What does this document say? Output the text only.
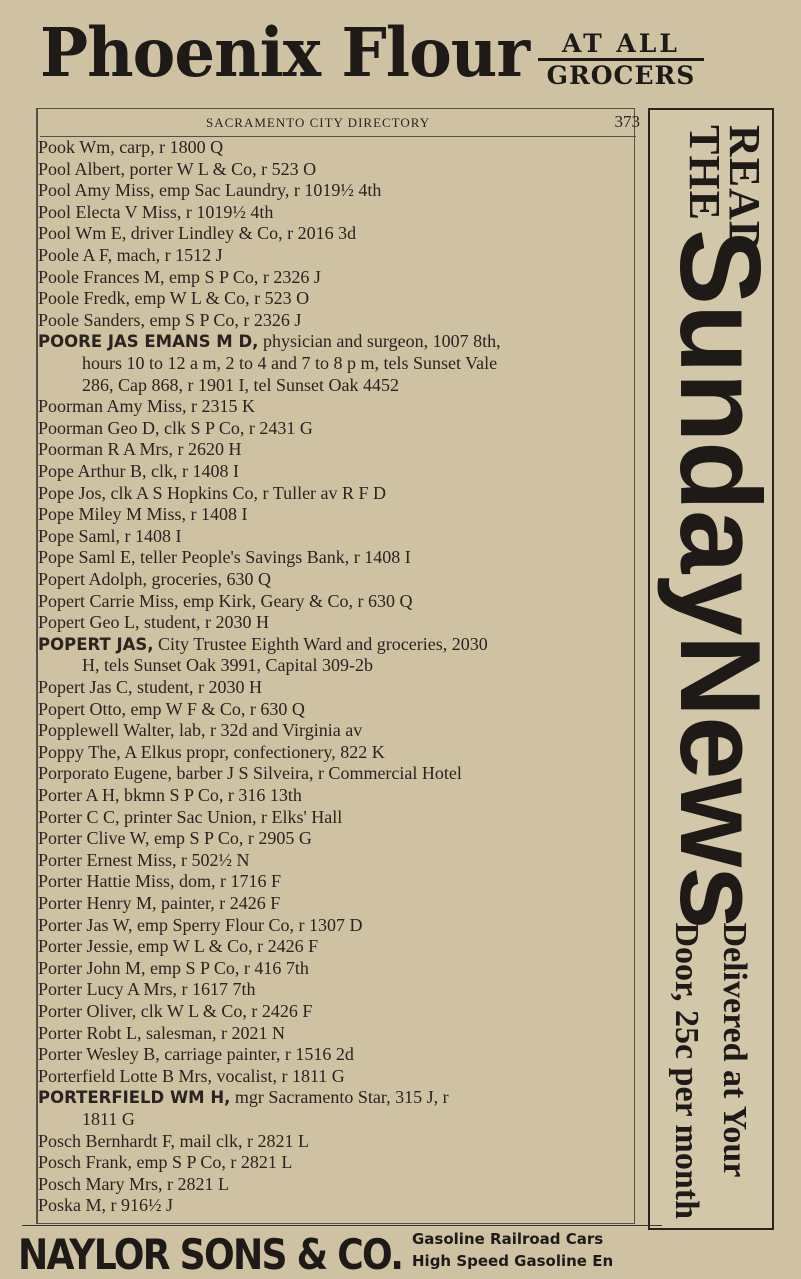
Phoenix Flour	AT ALL
GROCERS
SACRAMENTO CITY DIRECTORY	373
Pook Wm, carp, r 1800 Q
Pool Albert, porter W L & Co, r 523 O
Pool Amy Miss, emp Sac Laundry, r 1019½ 4th
Pool Electa V Miss, r 1019½ 4th
Pool Wm E, driver Lindley & Co, r 2016 3d
Poole A F, mach, r 1512 J
Poole Frances M, emp S P Co, r 2326 J
Poole Fredk, emp W L & Co, r 523 O
Poole Sanders, emp S P Co, r 2326 J
POORE JAS EMANS M D, physician and surgeon, 1007 8th,
hours 10 to 12 a m, 2 to 4 and 7 to 8 p m, tels Sunset Vale
286, Cap 868, r 1901 I, tel Sunset Oak 4452
Poorman Amy Miss, r 2315 K
Poorman Geo D, clk S P Co, r 2431 G
Poorman R A Mrs, r 2620 H
Pope Arthur B, clk, r 1408 I
Pope Jos, clk A S Hopkins Co, r Tuller av R F D
Pope Miley M Miss, r 1408 I
Pope Saml, r 1408 I
Pope Saml E, teller People's Savings Bank, r 1408 I
Popert Adolph, groceries, 630 Q
Popert Carrie Miss, emp Kirk, Geary & Co, r 630 Q
Popert Geo L, student, r 2030 H
POPERT JAS, City Trustee Eighth Ward and groceries, 2030
H, tels Sunset Oak 3991, Capital 309-2b
Popert Jas C, student, r 2030 H
Popert Otto, emp W F & Co, r 630 Q
Popplewell Walter, lab, r 32d and Virginia av
Poppy The, A Elkus propr, confectionery, 822 K
Porporato Eugene, barber J S Silveira, r Commercial Hotel
Porter A H, bkmn S P Co, r 316 13th
Porter C C, printer Sac Union, r Elks' Hall
Porter Clive W, emp S P Co, r 2905 G
Porter Ernest Miss, r 502½ N
Porter Hattie Miss, dom, r 1716 F
Porter Henry M, painter, r 2426 F
Porter Jas W, emp Sperry Flour Co, r 1307 D
Porter Jessie, emp W L & Co, r 2426 F
Porter John M, emp S P Co, r 416 7th
Porter Lucy A Mrs, r 1617 7th
Porter Oliver, clk W L & Co, r 2426 F
Porter Robt L, salesman, r 2021 N
Porter Wesley B, carriage painter, r 1516 2d
Porterfield Lotte B Mrs, vocalist, r 1811 G
PORTERFIELD WM H, mgr Sacramento Star, 315 J, r
1811 G
Posch Bernhardt F, mail clk, r 2821 L
Posch Frank, emp S P Co, r 2821 L
Posch Mary Mrs, r 2821 L
Poska M, r 916½ J
READ
THE
SundayNews
Delivered at Your
Door, 25c per month
NAYLOR SONS & CO. Gasoline Railroad Cars
High Speed Gasoline En
